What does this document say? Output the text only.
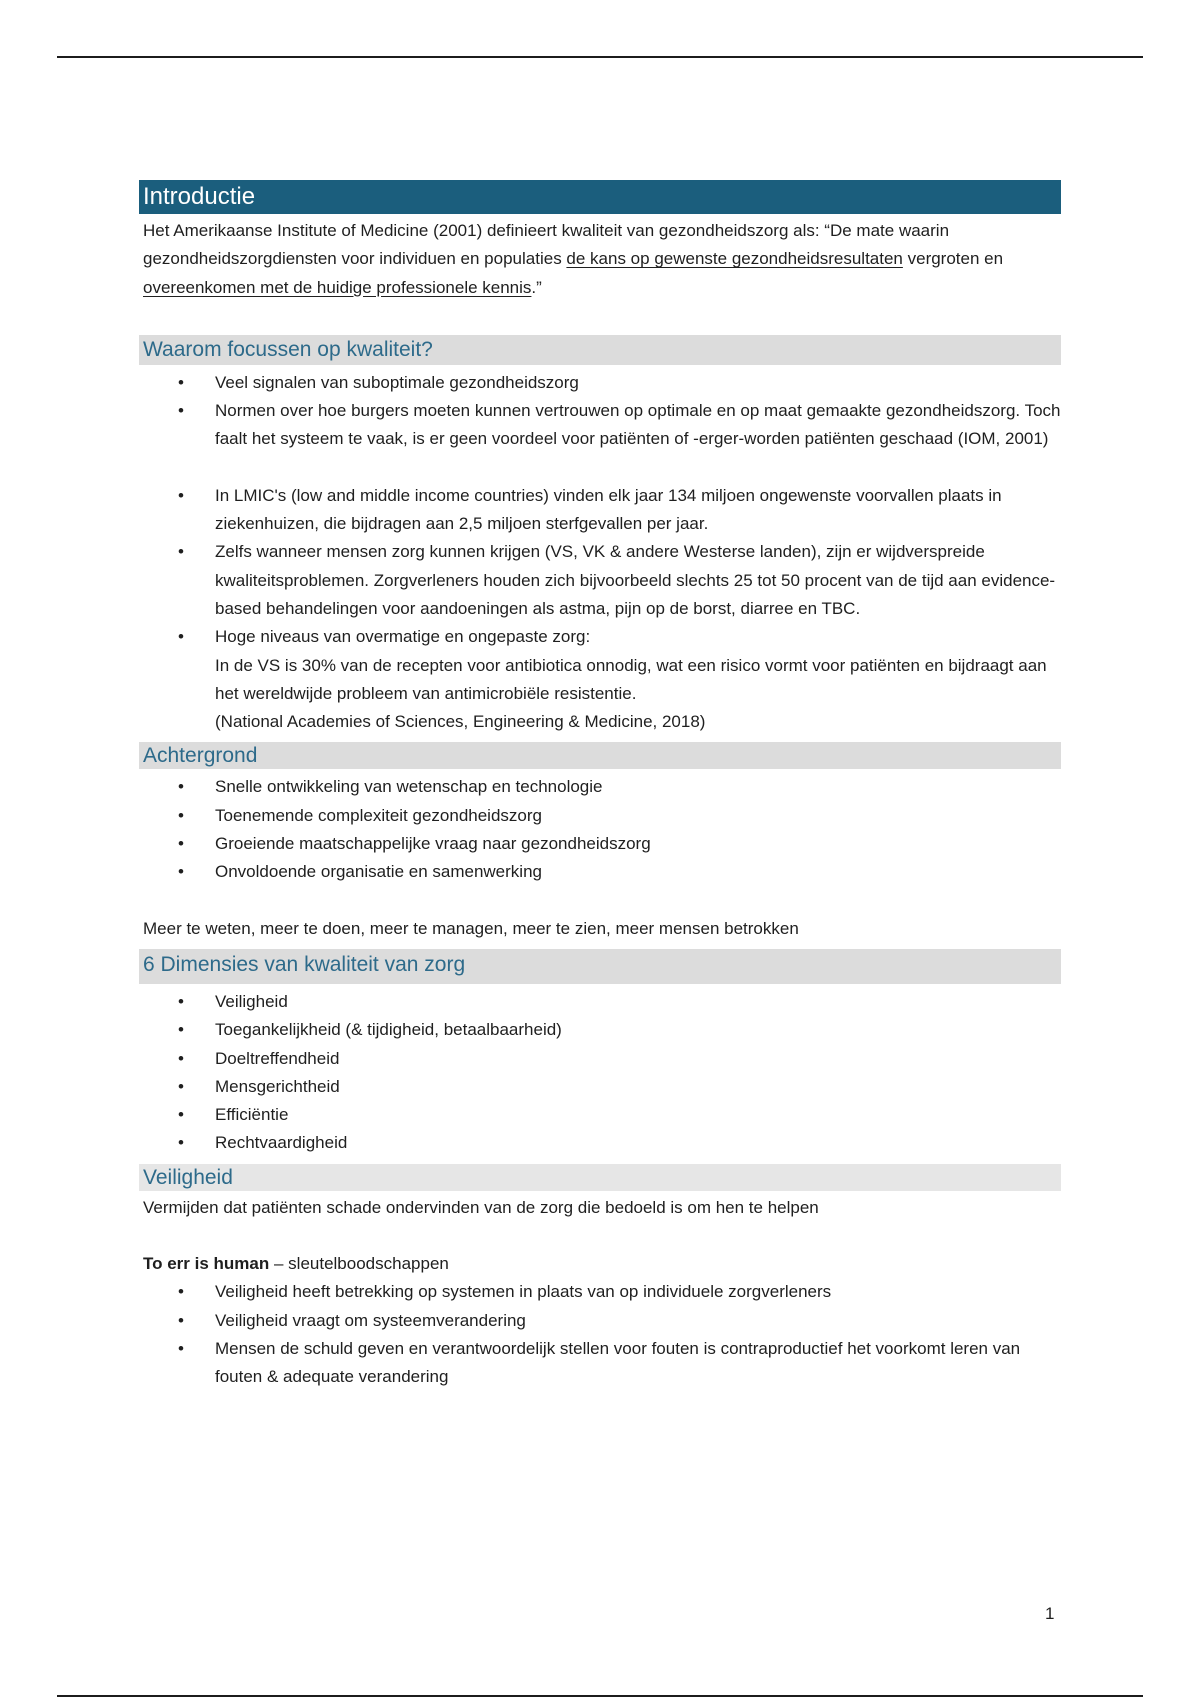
Introductie

Het Amerikaanse Institute of Medicine (2001) definieert kwaliteit van gezondheidszorg als: “De mate waarin gezondheidszorgdiensten voor individuen en populaties de kans op gewenste gezondheidsresultaten vergroten en overeenkomen met de huidige professionele kennis.”

Waarom focussen op kwaliteit?
• Veel signalen van suboptimale gezondheidszorg
• Normen over hoe burgers moeten kunnen vertrouwen op optimale en op maat gemaakte gezondheidszorg. Toch faalt het systeem te vaak, is er geen voordeel voor patiënten of -erger-worden patiënten geschaad (IOM, 2001)
• In LMIC's (low and middle income countries) vinden elk jaar 134 miljoen ongewenste voorvallen plaats in ziekenhuizen, die bijdragen aan 2,5 miljoen sterfgevallen per jaar.
• Zelfs wanneer mensen zorg kunnen krijgen (VS, VK & andere Westerse landen), zijn er wijdverspreide kwaliteitsproblemen. Zorgverleners houden zich bijvoorbeeld slechts 25 tot 50 procent van de tijd aan evidence-based behandelingen voor aandoeningen als astma, pijn op de borst, diarree en TBC.
• Hoge niveaus van overmatige en ongepaste zorg:
In de VS is 30% van de recepten voor antibiotica onnodig, wat een risico vormt voor patiënten en bijdraagt aan het wereldwijde probleem van antimicrobiële resistentie.
(National Academies of Sciences, Engineering & Medicine, 2018)
Achtergrond
• Snelle ontwikkeling van wetenschap en technologie
• Toenemende complexiteit gezondheidszorg
• Groeiende maatschappelijke vraag naar gezondheidszorg
• Onvoldoende organisatie en samenwerking

Meer te weten, meer te doen, meer te managen, meer te zien, meer mensen betrokken

6 Dimensies van kwaliteit van zorg
• Veiligheid
• Toegankelijkheid (& tijdigheid, betaalbaarheid)
• Doeltreffendheid
• Mensgerichtheid
• Efficiëntie
• Rechtvaardigheid
Veiligheid

Vermijden dat patiënten schade ondervinden van de zorg die bedoeld is om hen te helpen

To err is human – sleutelboodschappen

• Veiligheid heeft betrekking op systemen in plaats van op individuele zorgverleners
• Veiligheid vraagt om systeemverandering
• Mensen de schuld geven en verantwoordelijk stellen voor fouten is contraproductief het voorkomt leren van fouten & adequate verandering
1
